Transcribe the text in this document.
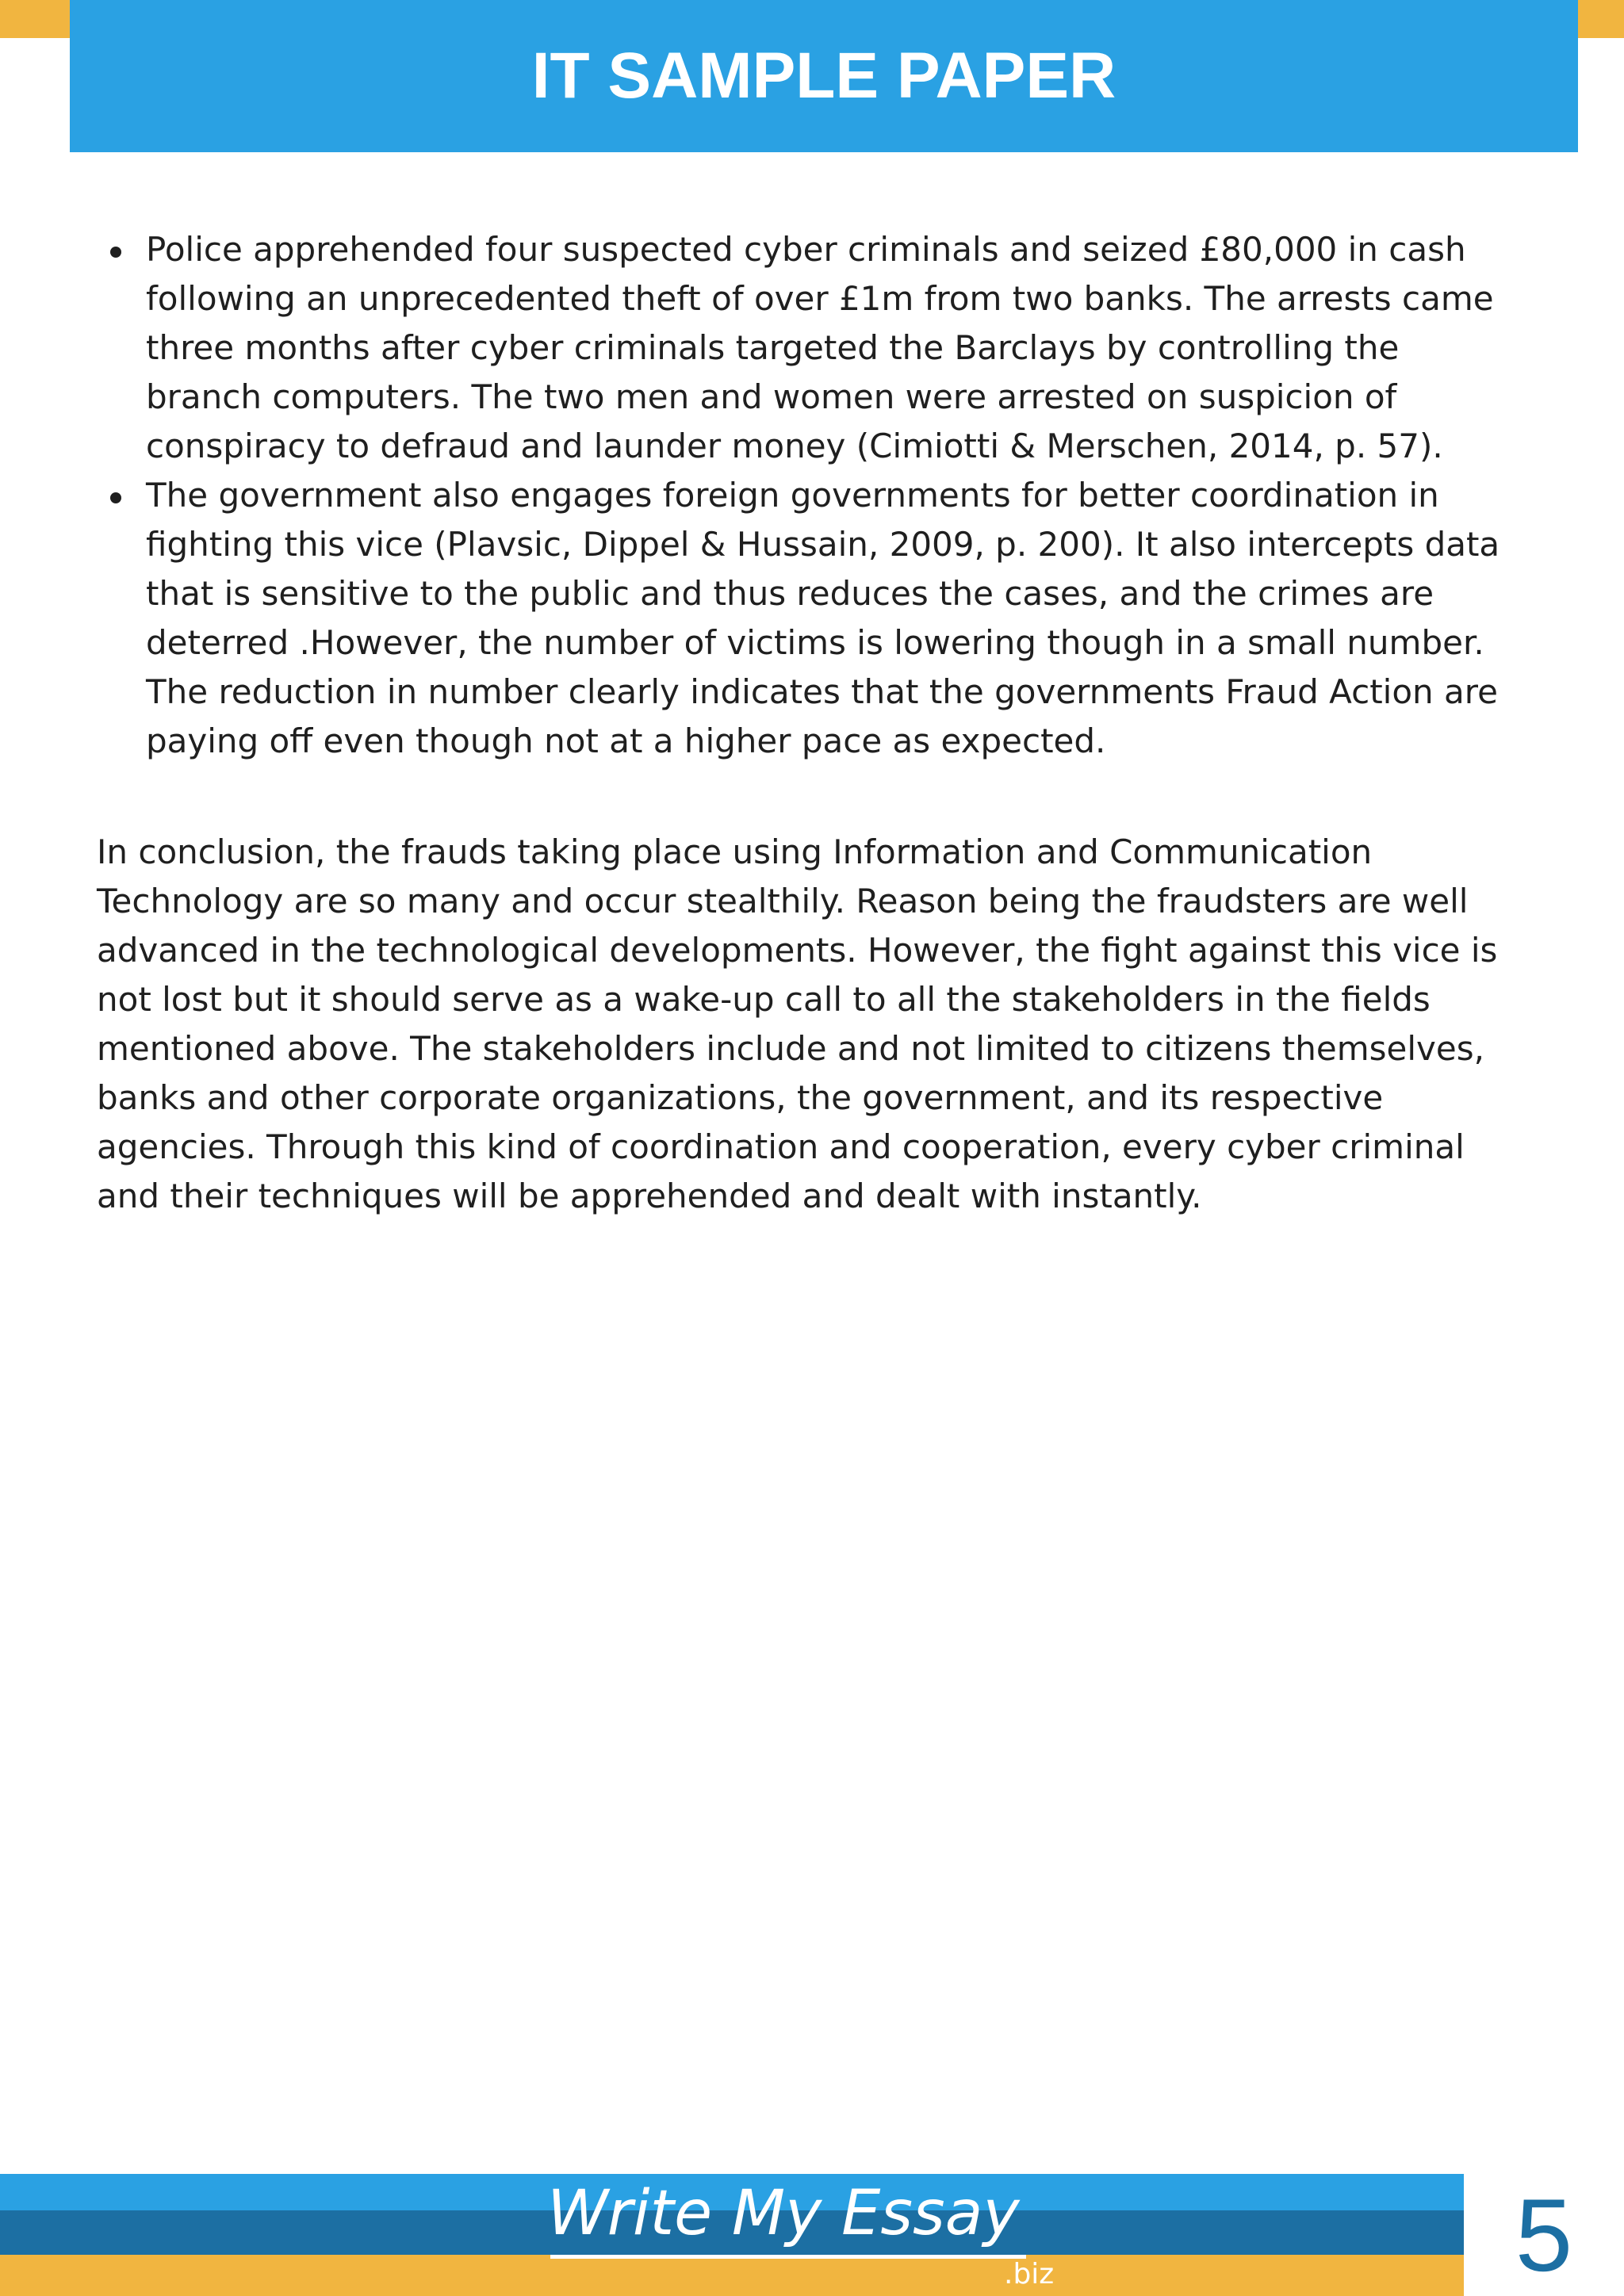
IT SAMPLE PAPER
Police apprehended four suspected cyber criminals and seized £80,000 in cash following an unprecedented theft of over £1m from two banks. The arrests came three months after cyber criminals targeted the Barclays by controlling the branch computers. The two men and women were arrested on suspicion of conspiracy to defraud and launder money (Cimiotti & Merschen, 2014, p. 57).
The government also engages foreign governments for better coordination in fighting this vice (Plavsic, Dippel & Hussain, 2009, p. 200). It also intercepts data that is sensitive to the public and thus reduces the cases, and the crimes are deterred .However, the number of victims is lowering though in a small number. The reduction in number clearly indicates that the governments Fraud Action are paying off even though not at a higher pace as expected.

In conclusion, the frauds taking place using Information and Communication Technology are so many and occur stealthily. Reason being the fraudsters are well advanced in the technological developments. However, the fight against this vice is not lost but it should serve as a wake-up call to all the stakeholders in the fields mentioned above. The stakeholders include and not limited to citizens themselves, banks and other corporate organizations, the government, and its respective agencies. Through this kind of coordination and cooperation, every cyber criminal and their techniques will be apprehended and dealt with instantly.

Write My Essay
.biz	5
